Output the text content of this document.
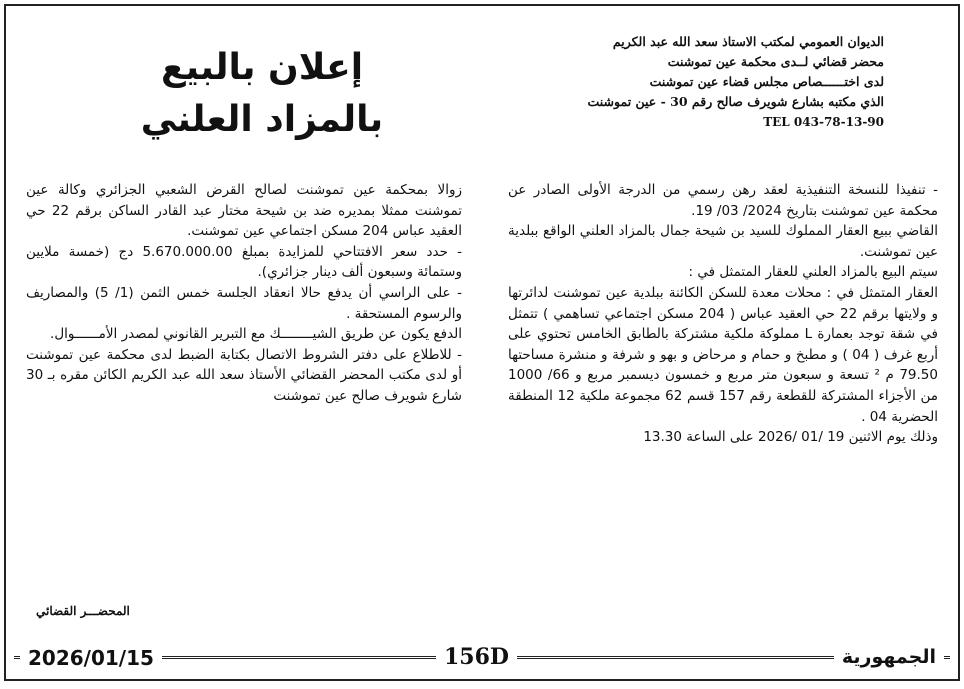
الديوان العمومي لمكتب الاستاذ سعد الله عبد الكريم
محضر قضائي لــدى محكمة عين تموشنت
لدى اختــــــصاص مجلس قضاء عين تموشنت
الذي مكتبه بشارع شويرف صالح رقم 30 - عين تموشنت
TEL 043-78-13-90
إعلان بالبيع
بالمزاد العلني

- تنفيذا للنسخة التنفيذية لعقد رهن رسمي من الدرجة الأولى الصادر عن محكمة عين تموشنت بتاريخ 2024/ 03/ 19.

القاضي ببيع العقار المملوك للسيد بن شيحة جمال بالمزاد العلني الواقع ببلدية عين تموشنت.

سيتم البيع بالمزاد العلني للعقار المتمثل في :

العقار المتمثل في : محلات معدة للسكن الكائنة ببلدية عين تموشنت لدائرتها و ولايتها برقم 22 حي العقيد عباس ( 204 مسكن اجتماعي تساهمي ) تتمثل في شقة توجد بعمارة L مملوكة ملكية مشتركة بالطابق الخامس تحتوي على أربع غرف ( 04 ) و مطبخ و حمام و مرحاض و بهو و شرفة و منشرة مساحتها 79.50 م ² تسعة و سبعون متر مربع و خمسون ديسمبر مربع و 66/ 1000 من الأجزاء المشتركة للقطعة رقم 157 قسم 62 مجموعة ملكية 12 المنطقة الحضرية 04 .

وذلك يوم الاثنين 19 /01 /2026 على الساعة 13.30

زوالا بمحكمة عين تموشنت لصالح القرض الشعبي الجزائري وكالة عين تموشنت ممثلا بمديره ضد بن شيحة مختار عبد القادر الساكن برقم 22 حي العقيد عباس 204 مسكن اجتماعي عين تموشنت.

- حدد سعر الافتتاحي للمزايدة بمبلغ 5.670.000.00 دج (خمسة ملايين وستمائة وسبعون ألف دينار جزائري).

- على الراسي أن يدفع حالا انعقاد الجلسة خمس الثمن (1/ 5) والمصاريف والرسوم المستحقة .

الدفع يكون عن طريق الشيــــــــك مع التبرير القانوني لمصدر الأمــــــوال.

- للاطلاع على دفتر الشروط الاتصال بكتابة الضبط لدى محكمة عين تموشنت أو لدى مكتب المحضر القضائي الأستاذ سعد الله عبد الكريم الكائن مقره بـ 30 شارع شويرف صالح عين تموشنت

المحضـــر القضائي
2026/01/15	156D	الجمهورية
